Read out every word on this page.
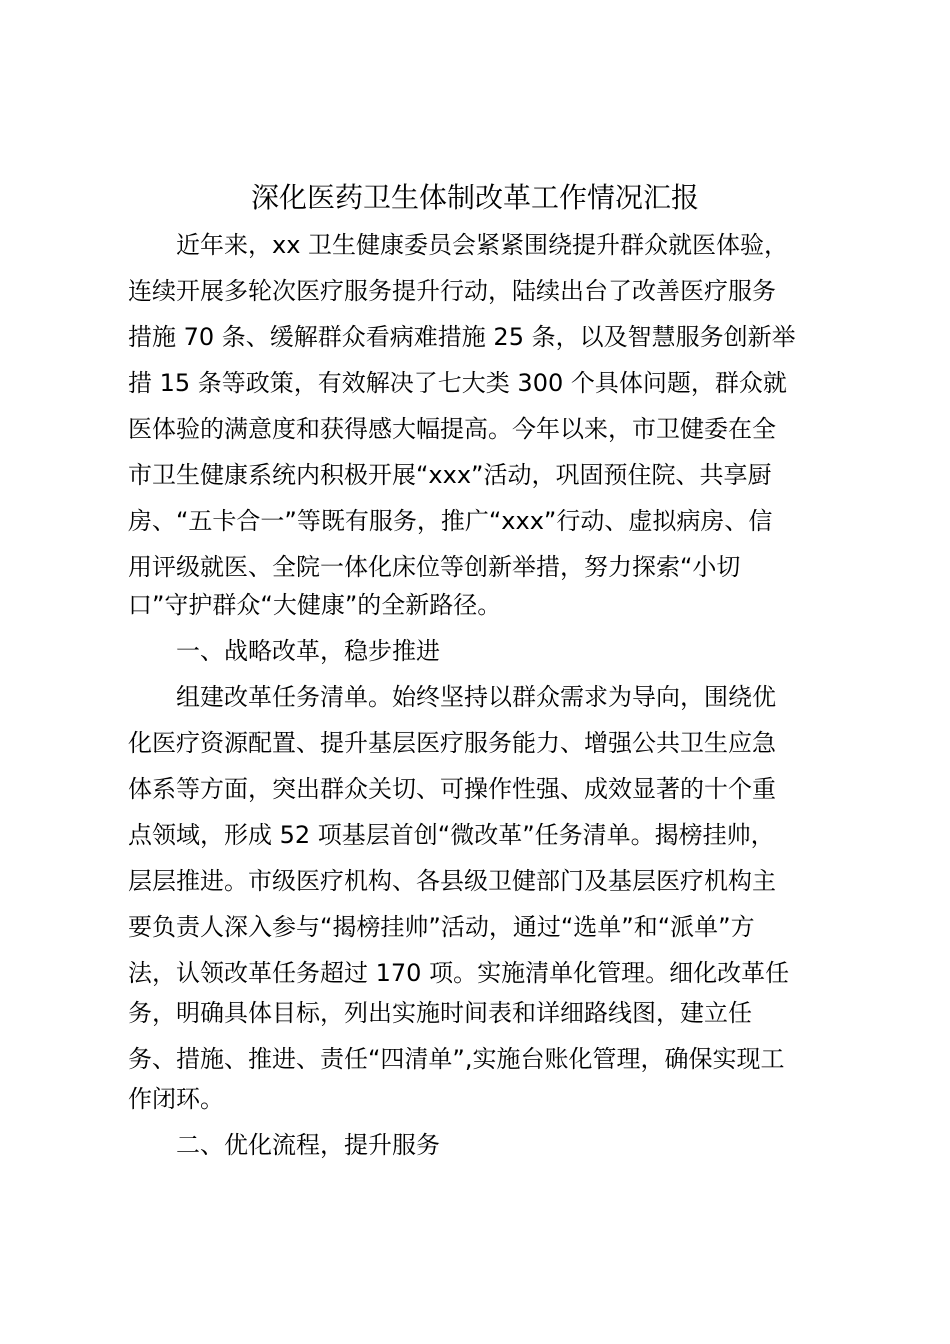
深化医药卫生体制改革工作情况汇报
近年来，xx 卫生健康委员会紧紧围绕提升群众就医体验，
连续开展多轮次医疗服务提升行动，陆续出台了改善医疗服务
措施 70 条、缓解群众看病难措施 25 条，以及智慧服务创新举
措 15 条等政策，有效解决了七大类 300 个具体问题，群众就
医体验的满意度和获得感大幅提高。今年以来，市卫健委在全
市卫生健康系统内积极开展“xxx”活动，巩固预住院、共享厨
房、“五卡合一”等既有服务，推广“xxx”行动、虚拟病房、信
用评级就医、全院一体化床位等创新举措，努力探索“小切
口”守护群众“大健康”的全新路径。
一、战略改革，稳步推进
组建改革任务清单。始终坚持以群众需求为导向，围绕优
化医疗资源配置、提升基层医疗服务能力、增强公共卫生应急
体系等方面，突出群众关切、可操作性强、成效显著的十个重
点领域，形成 52 项基层首创“微改革”任务清单。揭榜挂帅，
层层推进。市级医疗机构、各县级卫健部门及基层医疗机构主
要负责人深入参与“揭榜挂帅”活动，通过“选单”和“派单”方
法，认领改革任务超过 170 项。实施清单化管理。细化改革任
务，明确具体目标，列出实施时间表和详细路线图，建立任
务、措施、推进、责任“四清单”,实施台账化管理，确保实现工
作闭环。
二、优化流程，提升服务
